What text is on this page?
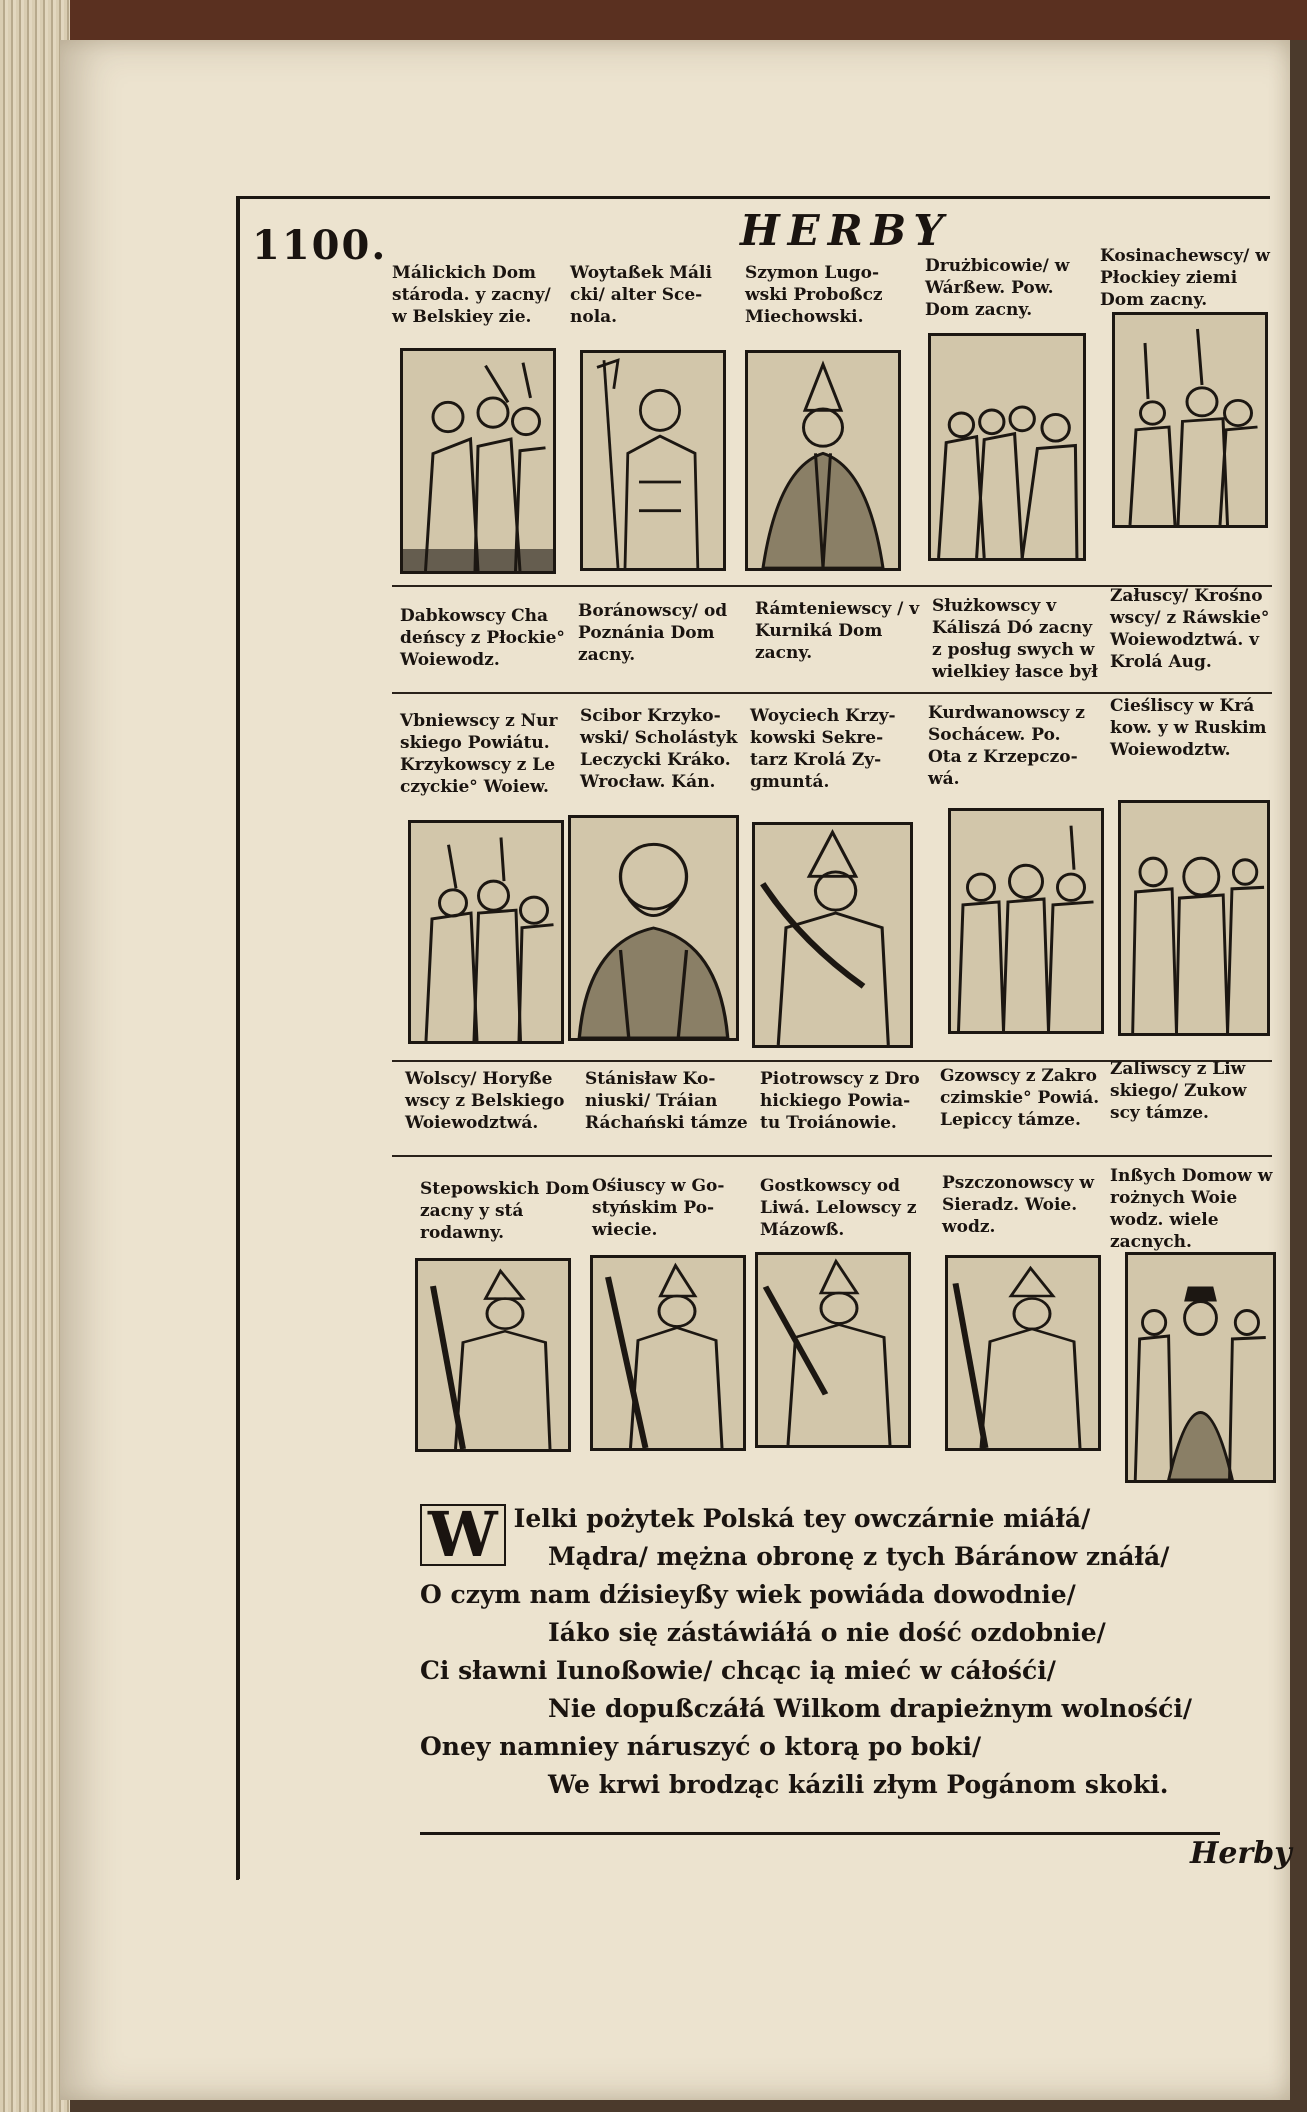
1100.	HERBY
Málickich Dom stároda. y zacny/ w Belskiey zie.
Woytaßek Máli cki/ alter Sce- nola.
Szymon Lugo- wski Proboßcz Miechowski.
Drużbicowie/ w Wárßew. Pow. Dom zacny.
Kosinachewscy/ w Płockiey ziemi Dom zacny.
Dabkowscy Cha deńscy z Płockie° Woiewodz.
Boránowscy/ od Poznánia Dom zacny.
Rámteniewscy / v Kurniká Dom zacny.
Służkowscy v Káliszá Dó zacny z posług swych w wielkiey łasce był
Załuscy/ Krośno wscy/ z Ráwskie° Woiewodztwá. v Krolá Aug.
Vbniewscy z Nur skiego Powiátu. Krzykowscy z Le czyckie° Woiew.
Scibor Krzyko- wski/ Scholástyk Leczycki Kráko. Wrocław. Kán.
Woyciech Krzy- kowski Sekre- tarz Krolá Zy- gmuntá.
Kurdwanowscy z Sochácew. Po. Ota z Krzepczo- wá.
Cieśliscy w Krá kow. y w Ruskim Woiewodztw.
Wolscy/ Horyße wscy z Belskiego Woiewodztwá.
Stánisław Ko- niuski/ Tráian Ráchański támze
Piotrowscy z Dro hickiego Powia- tu Troiánowie.
Gzowscy z Zakro czimskie° Powiá. Lepiccy támze.
Zaliwscy z Liw skiego/ Zukow scy támze.
Stepowskich Dom zacny y stá rodawny.
Ośiuscy w Go- styńskim Po- wiecie.
Gostkowscy od Liwá. Lelowscy z Mázowß.
Pszczonowscy w Sieradz. Woie. wodz.
Inßych Domow w rożnych Woie wodz. wiele zacnych.
W Ielki pożytek Polská tey owczárnie miáłá/
Mądra/ mężna obronę z tych Báránow znáłá/
O czym nam dźisieyßy wiek powiáda dowodnie/
Iáko się zástáwiáłá o nie dość ozdobnie/
Ci sławni Iunoßowie/ chcąc ią mieć w cáłośći/
Nie dopußczáłá Wilkom drapieżnym wolnośći/
Oney namniey náruszyć o ktorą po boki/
We krwi brodząc kázili złym Pogánom skoki.
Herby
